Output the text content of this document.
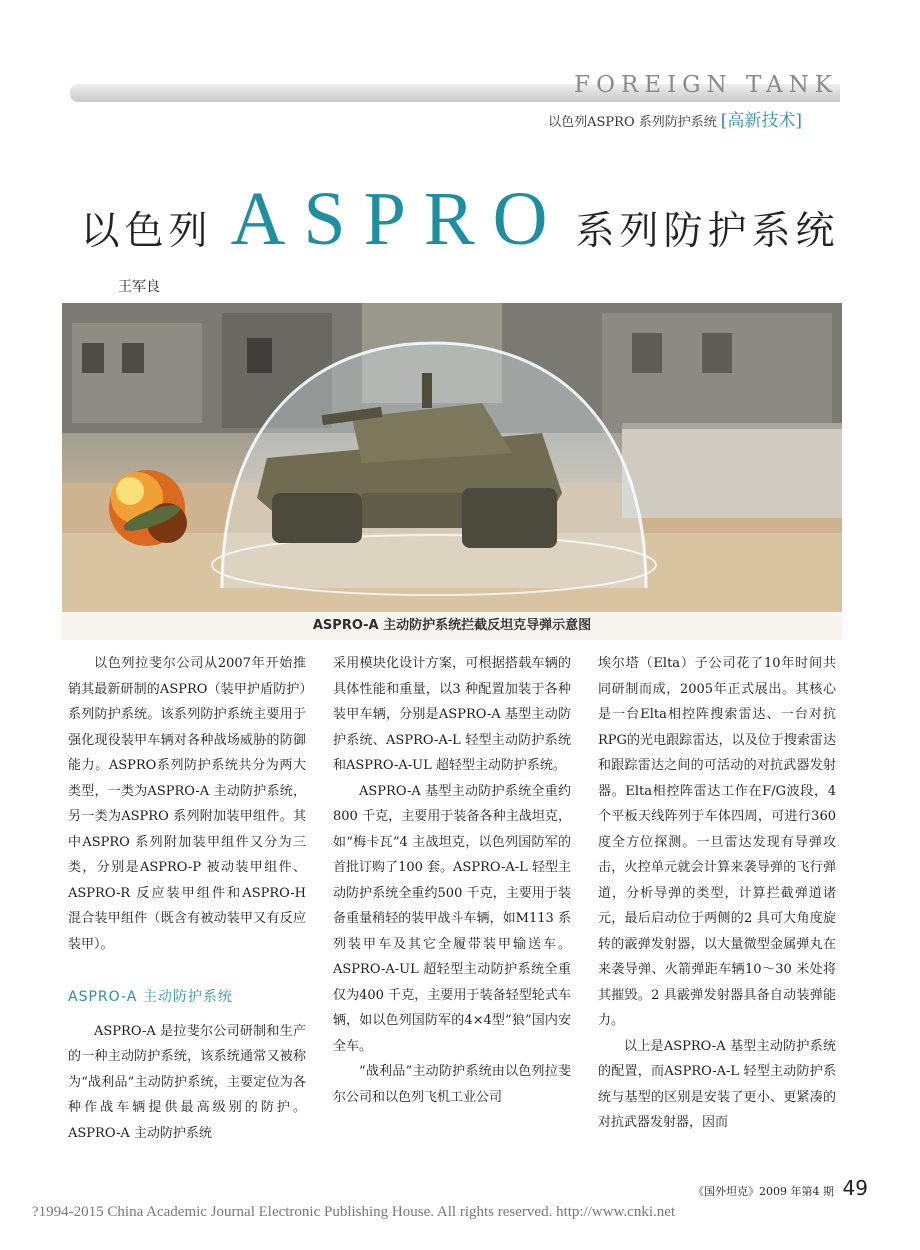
FOREIGN TANK
以色列ASPRO 系列防护系统 [高新技术]
以色列 ASPRO 系列防护系统
王军良
ASPRO-A 主动防护系统拦截反坦克导弹示意图

以色列拉斐尔公司从2007年开始推销其最新研制的ASPRO（装甲护盾防护）系列防护系统。该系列防护系统主要用于强化现役装甲车辆对各种战场威胁的防御能力。ASPRO系列防护系统共分为两大类型，一类为ASPRO-A 主动防护系统，另一类为ASPRO 系列附加装甲组件。其中ASPRO 系列附加装甲组件又分为三类，分别是ASPRO-P 被动装甲组件、ASPRO-R 反应装甲组件和ASPRO-H 混合装甲组件（既含有被动装甲又有反应装甲）。

ASPRO-A 主动防护系统

ASPRO-A 是拉斐尔公司研制和生产的一种主动防护系统，该系统通常又被称为“战利品”主动防护系统，主要定位为各种作战车辆提供最高级别的防护。ASPRO-A 主动防护系统

采用模块化设计方案，可根据搭载车辆的具体性能和重量，以3 种配置加装于各种装甲车辆，分别是ASPRO-A 基型主动防护系统、ASPRO-A-L 轻型主动防护系统和ASPRO-A-UL 超轻型主动防护系统。

ASPRO-A 基型主动防护系统全重约800 千克，主要用于装备各种主战坦克，如“梅卡瓦”4 主战坦克，以色列国防军的首批订购了100 套。ASPRO-A-L 轻型主动防护系统全重约500 千克，主要用于装备重量稍轻的装甲战斗车辆，如M113 系列装甲车及其它全履带装甲输送车。ASPRO-A-UL 超轻型主动防护系统全重仅为400 千克，主要用于装备轻型轮式车辆，如以色列国防军的4×4型“狼”国内安全车。

“战利品”主动防护系统由以色列拉斐尔公司和以色列飞机工业公司

埃尔塔（Elta）子公司花了10年时间共同研制而成，2005年正式展出。其核心是一台Elta相控阵搜索雷达、一台对抗RPG的光电跟踪雷达，以及位于搜索雷达和跟踪雷达之间的可活动的对抗武器发射器。Elta相控阵雷达工作在F/G波段，4 个平板天线阵列于车体四周，可进行360度全方位探测。一旦雷达发现有导弹攻击，火控单元就会计算来袭导弹的飞行弹道，分析导弹的类型，计算拦截弹道诸元，最后启动位于两侧的2 具可大角度旋转的霰弹发射器，以大量微型金属弹丸在来袭导弹、火箭弹距车辆10～30 米处将其摧毁。2 具霰弹发射器具备自动装弹能力。

以上是ASPRO-A 基型主动防护系统的配置，而ASPRO-A-L 轻型主动防护系统与基型的区别是安装了更小、更紧凑的对抗武器发射器，因而

《国外坦克》2009 年第4 期 49
?1994-2015 China Academic Journal Electronic Publishing House. All rights reserved. http://www.cnki.net
